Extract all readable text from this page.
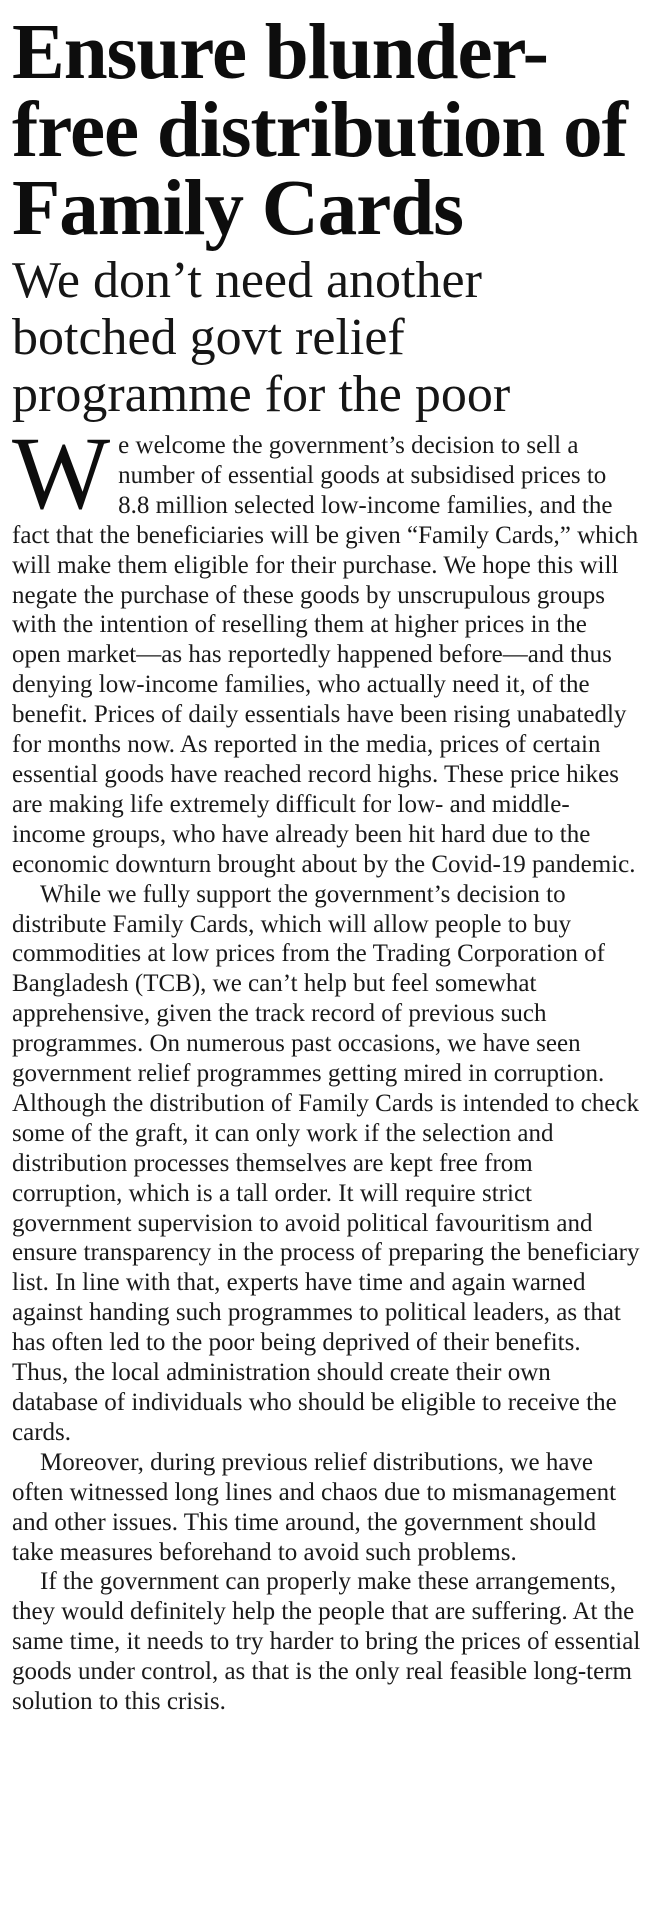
Ensure blunder-free distribution of Family Cards
We don’t need another botched govt relief programme for the poor

We welcome the government’s decision to sell a number of essential goods at subsidised prices to 8.8 million selected low-income families, and the fact that the beneficiaries will be given “Family Cards,” which will make them eligible for their purchase. We hope this will negate the purchase of these goods by unscrupulous groups with the intention of reselling them at higher prices in the open market—as has reportedly happened before—and thus denying low-income families, who actually need it, of the benefit. Prices of daily essentials have been rising unabatedly for months now. As reported in the media, prices of certain essential goods have reached record highs. These price hikes are making life extremely difficult for low- and middle-income groups, who have already been hit hard due to the economic downturn brought about by the Covid-19 pandemic.

While we fully support the government’s decision to distribute Family Cards, which will allow people to buy commodities at low prices from the Trading Corporation of Bangladesh (TCB), we can’t help but feel somewhat apprehensive, given the track record of previous such programmes. On numerous past occasions, we have seen government relief programmes getting mired in corruption. Although the distribution of Family Cards is intended to check some of the graft, it can only work if the selection and distribution processes themselves are kept free from corruption, which is a tall order. It will require strict government supervision to avoid political favouritism and ensure transparency in the process of preparing the beneficiary list. In line with that, experts have time and again warned against handing such programmes to political leaders, as that has often led to the poor being deprived of their benefits. Thus, the local administration should create their own database of individuals who should be eligible to receive the cards.

Moreover, during previous relief distributions, we have often witnessed long lines and chaos due to mismanagement and other issues. This time around, the government should take measures beforehand to avoid such problems.

If the government can properly make these arrangements, they would definitely help the people that are suffering. At the same time, it needs to try harder to bring the prices of essential goods under control, as that is the only real feasible long-term solution to this crisis.
